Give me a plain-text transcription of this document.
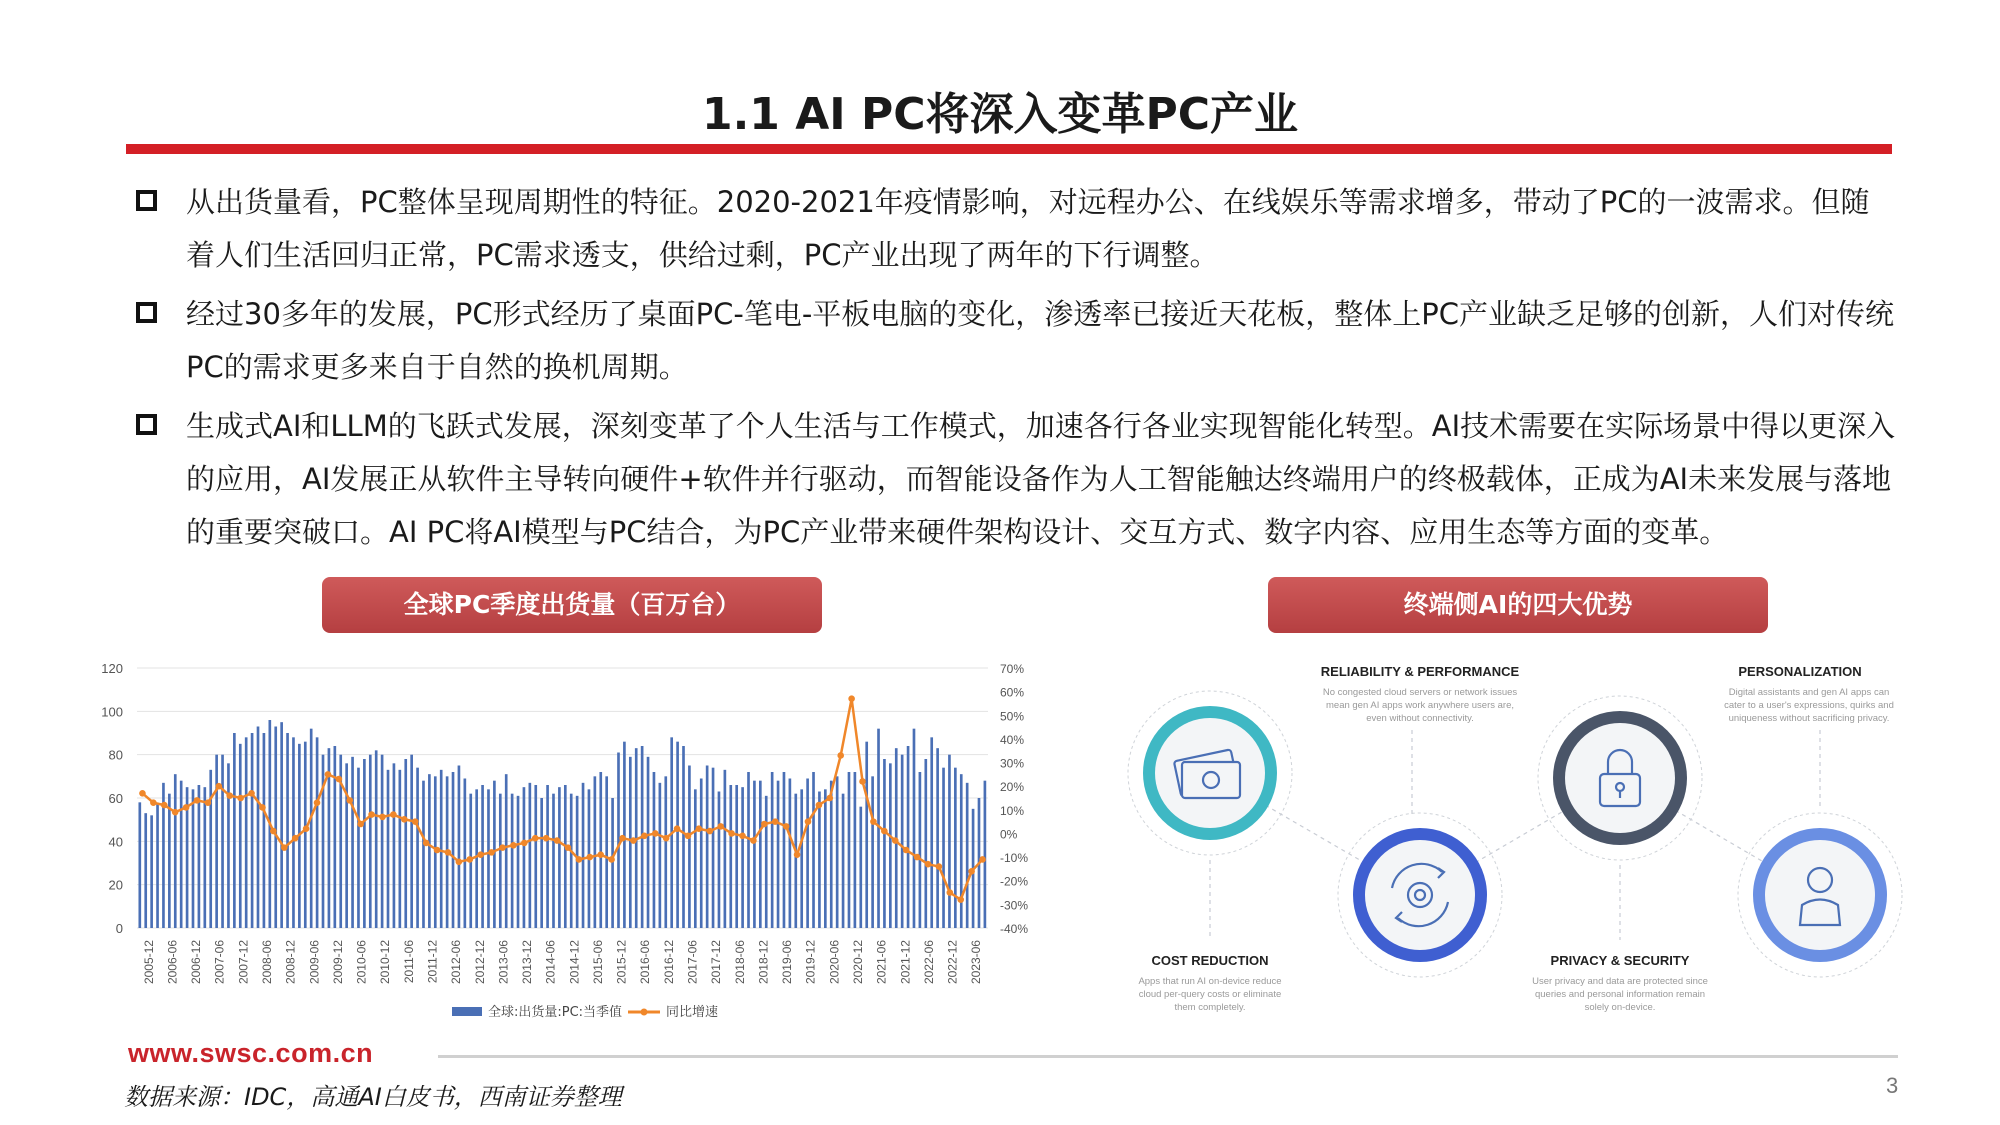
1.1 AI PC将深入变革PC产业
从出货量看，PC整体呈现周期性的特征。2020-2021年疫情影响，对远程办公、在线娱乐等需求增多，带动了PC的一波需求。但随着人们生活回归正常，PC需求透支，供给过剩，PC产业出现了两年的下行调整。
经过30多年的发展，PC形式经历了桌面PC-笔电-平板电脑的变化，渗透率已接近天花板，整体上PC产业缺乏足够的创新，人们对传统PC的需求更多来自于自然的换机周期。
生成式AI和LLM的飞跃式发展，深刻变革了个人生活与工作模式，加速各行各业实现智能化转型。AI技术需要在实际场景中得以更深入的应用，AI发展正从软件主导转向硬件+软件并行驱动，而智能设备作为人工智能触达终端用户的终极载体，正成为AI未来发展与落地的重要突破口。AI PC将AI模型与PC结合，为PC产业带来硬件架构设计、交互方式、数字内容、应用生态等方面的变革。
全球PC季度出货量（百万台）	终端侧AI的四大优势
0
20
40
60
80
100
120
-40%
-30%
-20%
-10%
0%
10%
20%
30%
40%
50%
60%
70%
2005-12 2006-06 2006-12 2007-06 2007-12 2008-06 2008-12 2009-06 2009-12 2010-06 2010-12 2011-06 2011-12 2012-06 2012-12 2013-06 2013-12 2014-06 2014-12 2015-06 2015-12 2016-06 2016-12 2017-06 2017-12 2018-06 2018-12 2019-06 2019-12 2020-06 2020-12 2021-06 2021-12 2022-06 2022-12 2023-06
全球:出货量:PC:当季值	同比增速
RELIABILITY & PERFORMANCE
No congested cloud servers or network issues mean gen AI apps work anywhere users are, even without connectivity.
COST REDUCTION
Apps that run AI on-device reduce cloud per-query costs or eliminate them completely.
PRIVACY & SECURITY
User privacy and data are protected since queries and personal information remain solely on-device.
PERSONALIZATION
Digital assistants and gen AI apps can cater to a user's expressions, quirks and uniqueness without sacrificing privacy.
www.swsc.com.cn
数据来源：IDC，高通AI白皮书，西南证券整理	3
